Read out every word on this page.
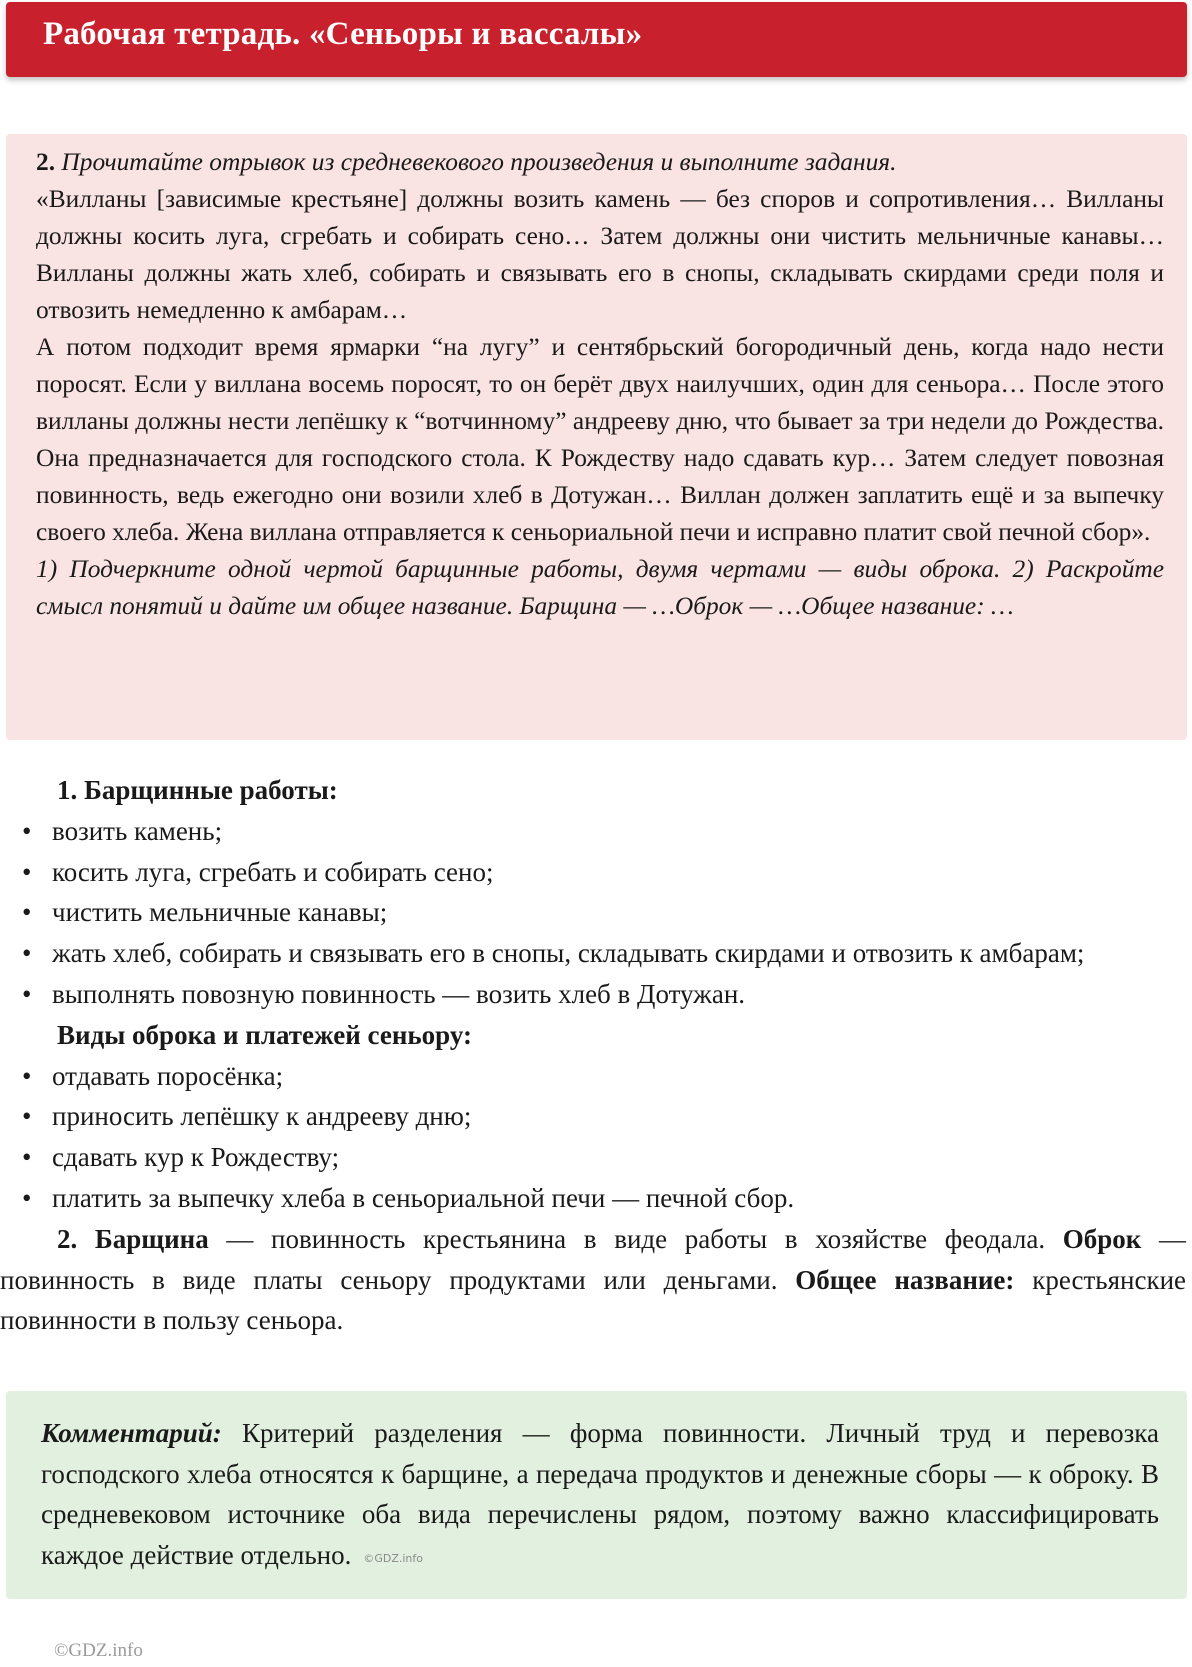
Рабочая тетрадь. «Сеньоры и вассалы»

2. Прочитайте отрывок из средневекового произведения и выполните задания.

«Вилланы [зависимые крестьяне] должны возить камень — без споров и сопротивления… Вилланы должны косить луга, сгребать и собирать сено… Затем должны они чистить мельничные канавы… Вилланы должны жать хлеб, собирать и связывать его в снопы, складывать скирдами среди поля и отвозить немедленно к амбарам…

А потом подходит время ярмарки “на лугу” и сентябрьский богородичный день, когда надо нести поросят. Если у виллана восемь поросят, то он берёт двух наилучших, один для сеньора… После этого вилланы должны нести лепёшку к “вотчинному” андрееву дню, что бывает за три недели до Рождества. Она предназначается для господского стола. К Рождеству надо сдавать кур… Затем следует повозная повинность, ведь ежегодно они возили хлеб в Дотужан… Виллан должен заплатить ещё и за выпечку своего хлеба. Жена виллана отправляется к сеньориальной печи и исправно платит свой печной сбор».

1) Подчеркните одной чертой барщинные работы, двумя чертами — виды оброка. 2) Раскройте смысл понятий и дайте им общее название. Барщина — …Оброк — …Общее название: …

1. Барщинные работы:

• возить камень;
• косить луга, сгребать и собирать сено;
• чистить мельничные канавы;
• жать хлеб, собирать и связывать его в снопы, складывать скирдами и отвозить к амбарам;
• выполнять повозную повинность — возить хлеб в Дотужан.

Виды оброка и платежей сеньору:

• отдавать поросёнка;
• приносить лепёшку к андрееву дню;
• сдавать кур к Рождеству;
• платить за выпечку хлеба в сеньориальной печи — печной сбор.

2. Барщина — повинность крестьянина в виде работы в хозяйстве феодала. Оброк — повинность в виде платы сеньору продуктами или деньгами. Общее название: крестьянские повинности в пользу сеньора.

Комментарий: Критерий разделения — форма повинности. Личный труд и перевозка господского хлеба относятся к барщине, а передача продуктов и денежные сборы — к оброку. В средневековом источнике оба вида перечислены рядом, поэтому важно классифицировать каждое действие отдельно. ©GDZ.info

©GDZ.info
